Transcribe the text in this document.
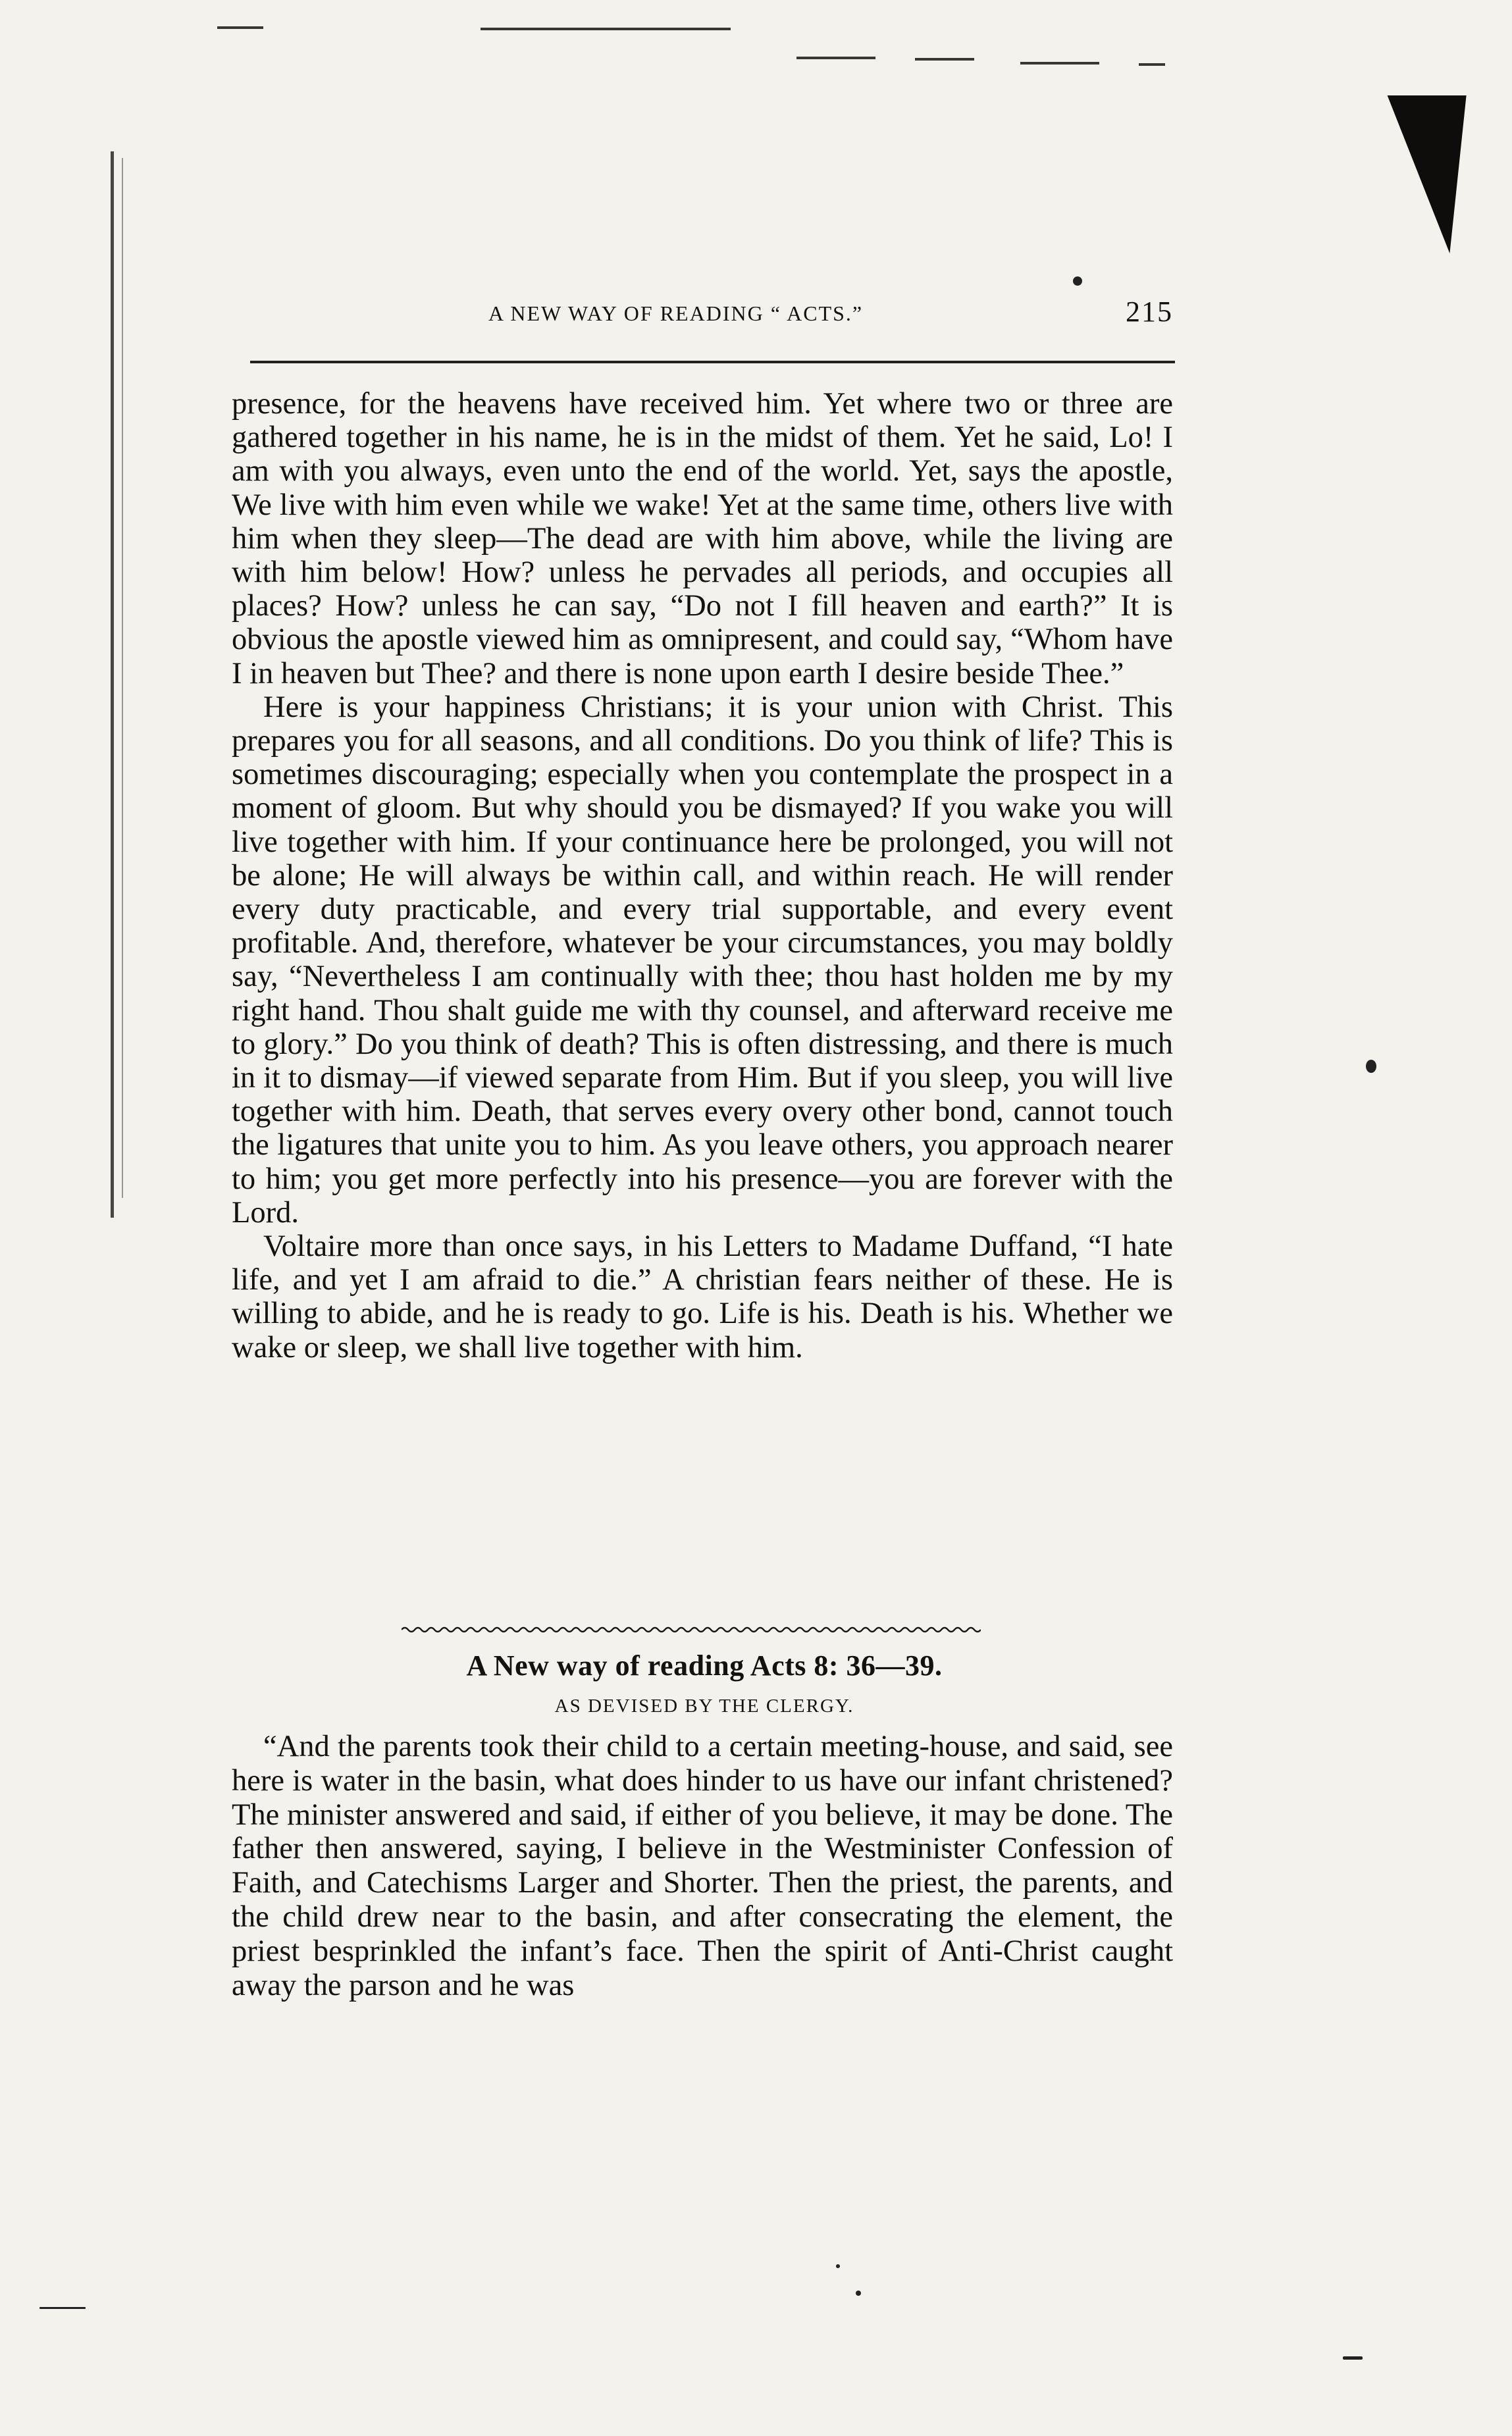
A NEW WAY OF READING “ ACTS.”	215

presence, for the heavens have received him. Yet where two or three are gathered together in his name, he is in the midst of them. Yet he said, Lo! I am with you always, even unto the end of the world. Yet, says the apostle, We live with him even while we wake! Yet at the same time, others live with him when they sleep—The dead are with him above, while the living are with him below! How? unless he pervades all periods, and occupies all places? How? unless he can say, “Do not I fill heaven and earth?” It is obvious the apostle viewed him as omnipresent, and could say, “Whom have I in heaven but Thee? and there is none upon earth I desire beside Thee.”

Here is your happiness Christians; it is your union with Christ. This prepares you for all seasons, and all conditions. Do you think of life? This is sometimes discouraging; especially when you contemplate the prospect in a moment of gloom. But why should you be dismayed? If you wake you will live together with him. If your continuance here be prolonged, you will not be alone; He will always be within call, and within reach. He will render every duty practicable, and every trial supportable, and every event profitable. And, therefore, whatever be your circumstances, you may boldly say, “Nevertheless I am continually with thee; thou hast holden me by my right hand. Thou shalt guide me with thy counsel, and afterward receive me to glory.” Do you think of death? This is often distressing, and there is much in it to dismay—if viewed separate from Him. But if you sleep, you will live together with him. Death, that serves every overy other bond, cannot touch the ligatures that unite you to him. As you leave others, you approach nearer to him; you get more perfectly into his presence—you are forever with the Lord.

Voltaire more than once says, in his Letters to Madame Duffand, “I hate life, and yet I am afraid to die.” A christian fears neither of these. He is willing to abide, and he is ready to go. Life is his. Death is his. Whether we wake or sleep, we shall live together with him.

A New way of reading Acts 8: 36—39.
AS DEVISED BY THE CLERGY.

“And the parents took their child to a certain meeting-house, and said, see here is water in the basin, what does hinder to us have our infant christened? The minister answered and said, if either of you believe, it may be done. The father then answered, saying, I believe in the Westminister Confession of Faith, and Catechisms Larger and Shorter. Then the priest, the parents, and the child drew near to the basin, and after consecrating the element, the priest besprinkled the infant’s face. Then the spirit of Anti-Christ caught away the parson and he was
